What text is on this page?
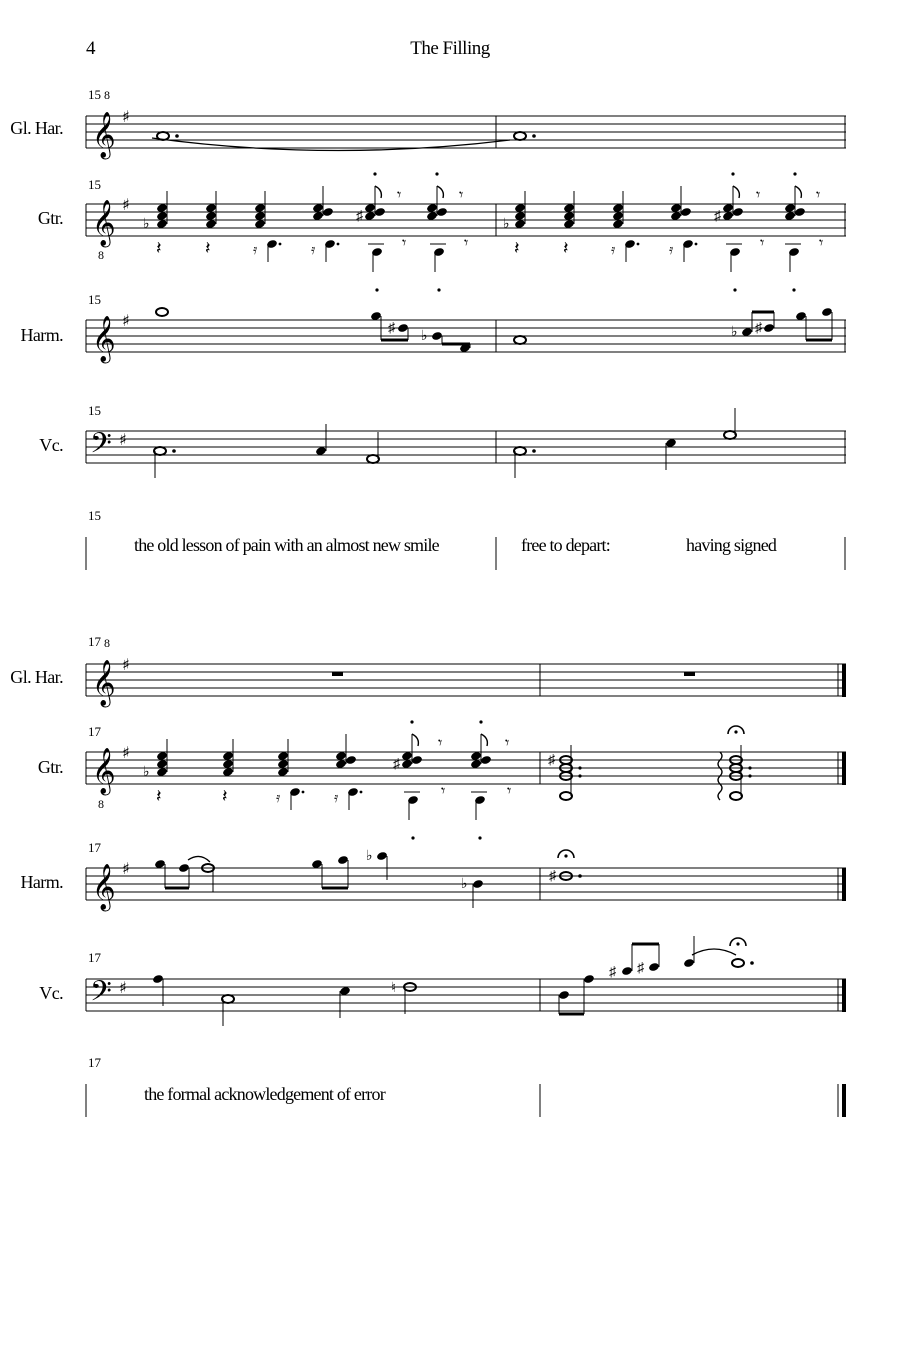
4	The Filling
Gl. Har.
Gtr.
Harm.
Vc.
15 8
15
15
15
15
8
the old lesson of pain with an almost new smile	free to depart:	having signed
Gl. Har.
Gtr.
Harm.
Vc.
17 8
17
17
17
17
8
the formal acknowledgement of error
𝄞
𝄞
𝄞
𝄢
♯
♯
♯
♯
♭
♯
𝄾	𝄾
𝄽 𝄽	𝄿	𝄿	𝄾	𝄾
♭
♯
𝄾	𝄾
𝄽 𝄽	𝄿	𝄿	𝄾	𝄾
♯
♭	♭ ♯
𝄞
𝄞
𝄞
𝄢
♯
♯
♯
♯
♭
♯
𝄾	𝄾
𝄽	𝄽	𝄿	𝄿	𝄾	𝄾
♯
♭
♭
♯
♮
♯ ♯
